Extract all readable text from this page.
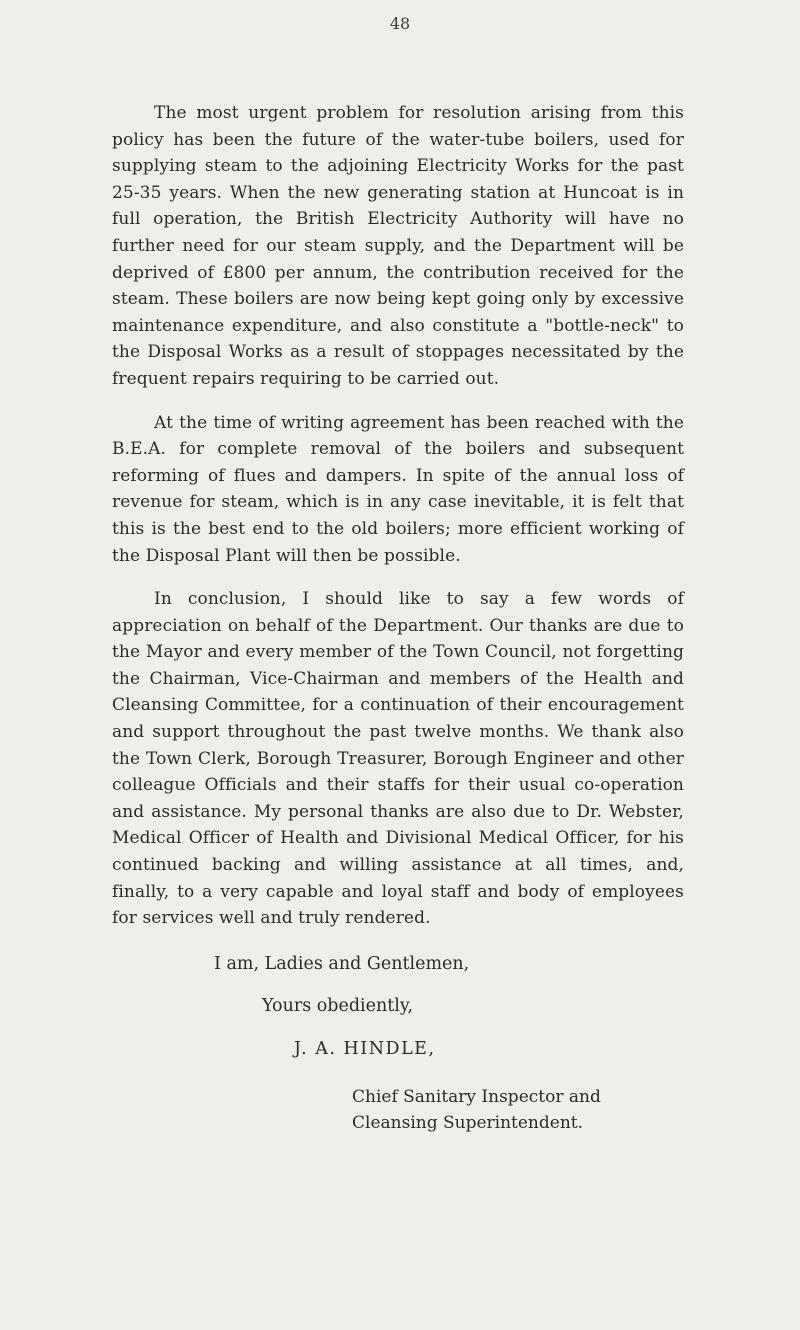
48

The most urgent problem for resolution arising from this policy has been the future of the water-tube boilers, used for supplying steam to the adjoining Electricity Works for the past 25-35 years. When the new generating station at Huncoat is in full operation, the British Electricity Authority will have no further need for our steam supply, and the Department will be deprived of £800 per annum, the contribution received for the steam. These boilers are now being kept going only by excessive maintenance expenditure, and also constitute a "bottle-neck" to the Disposal Works as a result of stoppages necessitated by the frequent repairs requiring to be carried out.

At the time of writing agreement has been reached with the B.E.A. for complete removal of the boilers and subsequent reforming of flues and dampers. In spite of the annual loss of revenue for steam, which is in any case inevitable, it is felt that this is the best end to the old boilers; more efficient working of the Disposal Plant will then be possible.

In conclusion, I should like to say a few words of appreciation on behalf of the Department. Our thanks are due to the Mayor and every member of the Town Council, not forgetting the Chairman, Vice-Chairman and members of the Health and Cleansing Committee, for a continuation of their encouragement and support throughout the past twelve months. We thank also the Town Clerk, Borough Treasurer, Borough Engineer and other colleague Officials and their staffs for their usual co-operation and assistance. My personal thanks are also due to Dr. Webster, Medical Officer of Health and Divisional Medical Officer, for his continued backing and willing assistance at all times, and, finally, to a very capable and loyal staff and body of employees for services well and truly rendered.

I am, Ladies and Gentlemen,
Yours obediently,
J. A. HINDLE,
Chief Sanitary Inspector and
Cleansing Superintendent.
